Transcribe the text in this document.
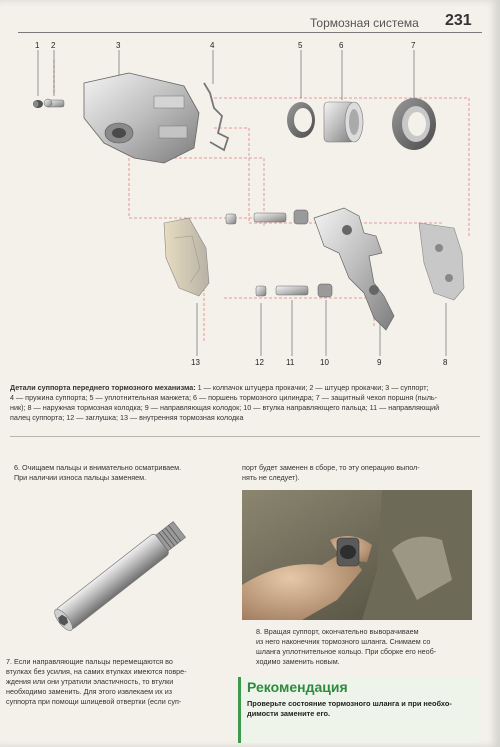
Тормозная система 231
1 2	3	4	5	6	7
8
9
10
11
12
13
Детали суппорта переднего тормозного механизма: 1 — колпачок штуцера прокачки; 2 — штуцер прокачки; 3 — суппорт;
4 — пружина суппорта; 5 — уплотнительная манжета; 6 — поршень тормозного цилиндра; 7 — защитный чехол поршня (пыль-
ник); 8 — наружная тормозная колодка; 9 — направляющая колодок; 10 — втулка направляющего пальца; 11 — направляющий
палец суппорта; 12 — заглушка; 13 — внутренняя тормозная колодка
6. Очищаем пальцы и внимательно осматриваем.
При наличии износа пальцы заменяем.
7. Если направляющие пальцы перемещаются во
втулках без усилия, на самих втулках имеются повре-
ждения или они утратили эластичность, то втулки
необходимо заменить. Для этого извлекаем их из
суппорта при помощи шлицевой отвертки (если суп-
порт будет заменен в сборе, то эту операцию выпол-
нять не следует).
8. Вращая суппорт, окончательно выворачиваем
из него наконечник тормозного шланга. Снимаем со
шланга уплотнительное кольцо. При сборке его необ-
ходимо заменить новым.
Рекомендация
Проверьте состояние тормозного шланга и при необхо-
димости замените его.
